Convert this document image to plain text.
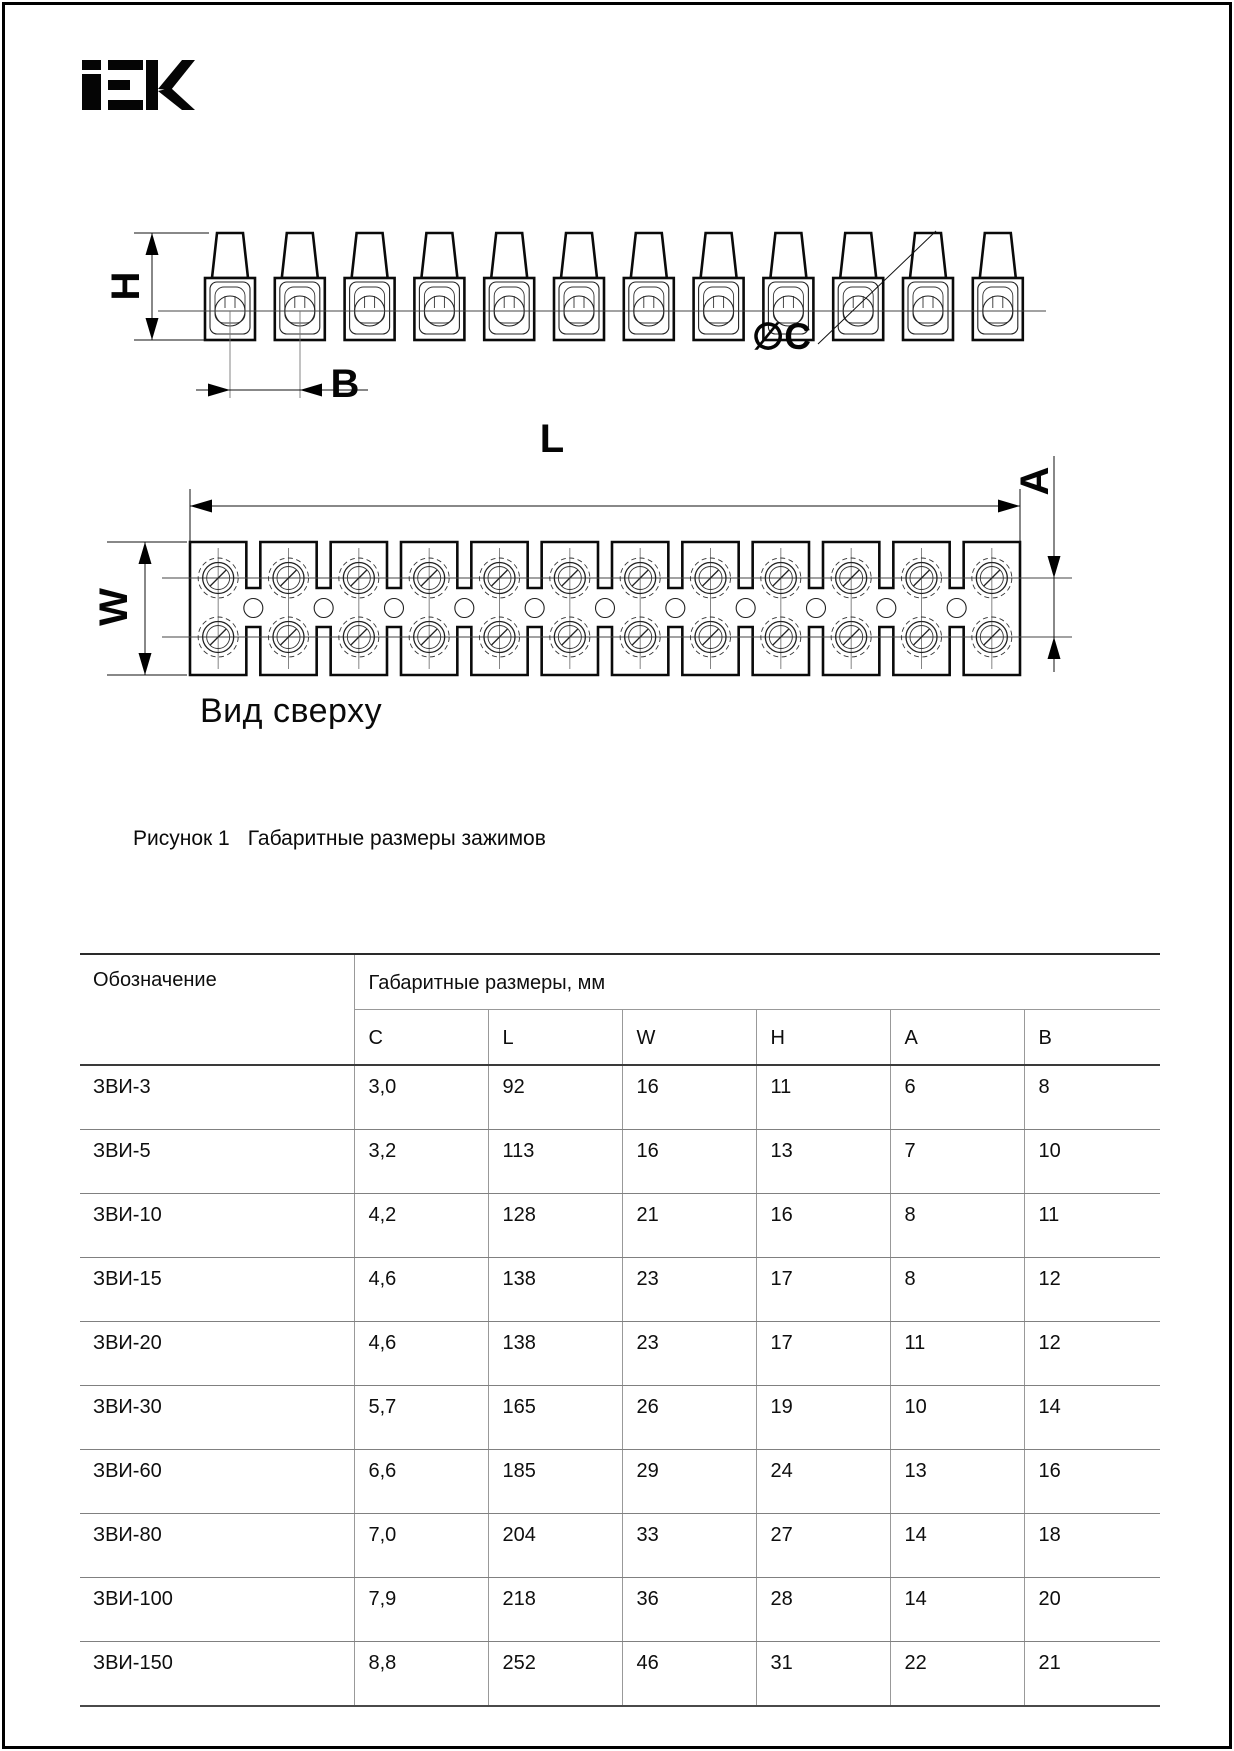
H
B
∅C
L
W
A
Вид сверху
Рисунок 1 Габаритные размеры зажимов
Обозначение	Габаритные размеры, мм					
	C	L	W	H	A	B
ЗВИ-3	3,0	92	16	11	6	8
ЗВИ-5	3,2	113	16	13	7	10
ЗВИ-10	4,2	128	21	16	8	11
ЗВИ-15	4,6	138	23	17	8	12
ЗВИ-20	4,6	138	23	17	11	12
ЗВИ-30	5,7	165	26	19	10	14
ЗВИ-60	6,6	185	29	24	13	16
ЗВИ-80	7,0	204	33	27	14	18
ЗВИ-100	7,9	218	36	28	14	20
ЗВИ-150	8,8	252	46	31	22	21
